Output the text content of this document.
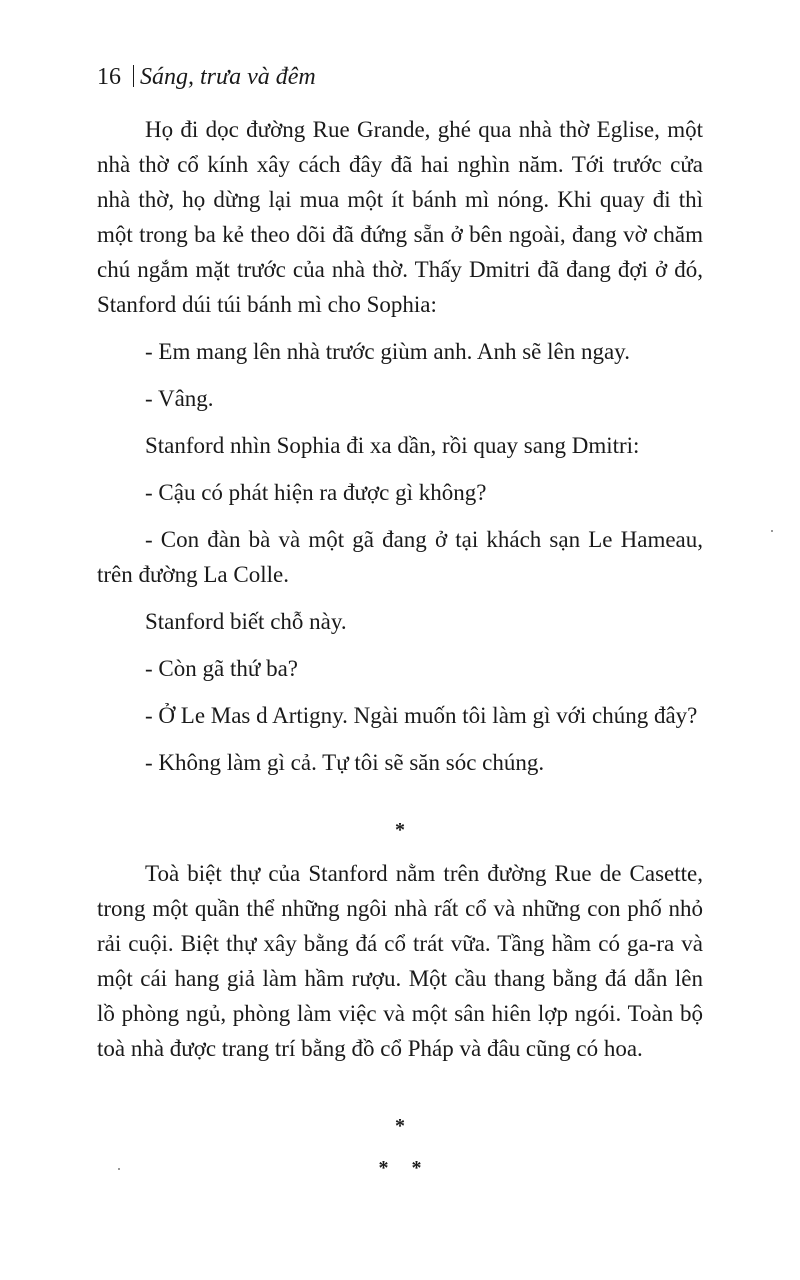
16 Sáng, trưa và đêm

Họ đi dọc đường Rue Grande, ghé qua nhà thờ Eglise, một nhà thờ cổ kính xây cách đây đã hai nghìn năm. Tới trước cửa nhà thờ, họ dừng lại mua một ít bánh mì nóng. Khi quay đi thì một trong ba kẻ theo dõi đã đứng sẵn ở bên ngoài, đang vờ chăm chú ngắm mặt trước của nhà thờ. Thấy Dmitri đã đang đợi ở đó, Stanford dúi túi bánh mì cho Sophia:

- Em mang lên nhà trước giùm anh. Anh sẽ lên ngay.

- Vâng.

Stanford nhìn Sophia đi xa dần, rồi quay sang Dmitri:

- Cậu có phát hiện ra được gì không?

- Con đàn bà và một gã đang ở tại khách sạn Le Hameau, trên đường La Colle.

Stanford biết chỗ này.

- Còn gã thứ ba?

- Ở Le Mas d Artigny. Ngài muốn tôi làm gì với chúng đây?

- Không làm gì cả. Tự tôi sẽ săn sóc chúng.

*

Toà biệt thự của Stanford nằm trên đường Rue de Casette, trong một quần thể những ngôi nhà rất cổ và những con phố nhỏ rải cuội. Biệt thự xây bằng đá cổ trát vữa. Tầng hầm có ga-ra và một cái hang giả làm hầm rượu. Một cầu thang bằng đá dẫn lên lồ phòng ngủ, phòng làm việc và một sân hiên lợp ngói. Toàn bộ toà nhà được trang trí bằng đồ cổ Pháp và đâu cũng có hoa.

*
* *
